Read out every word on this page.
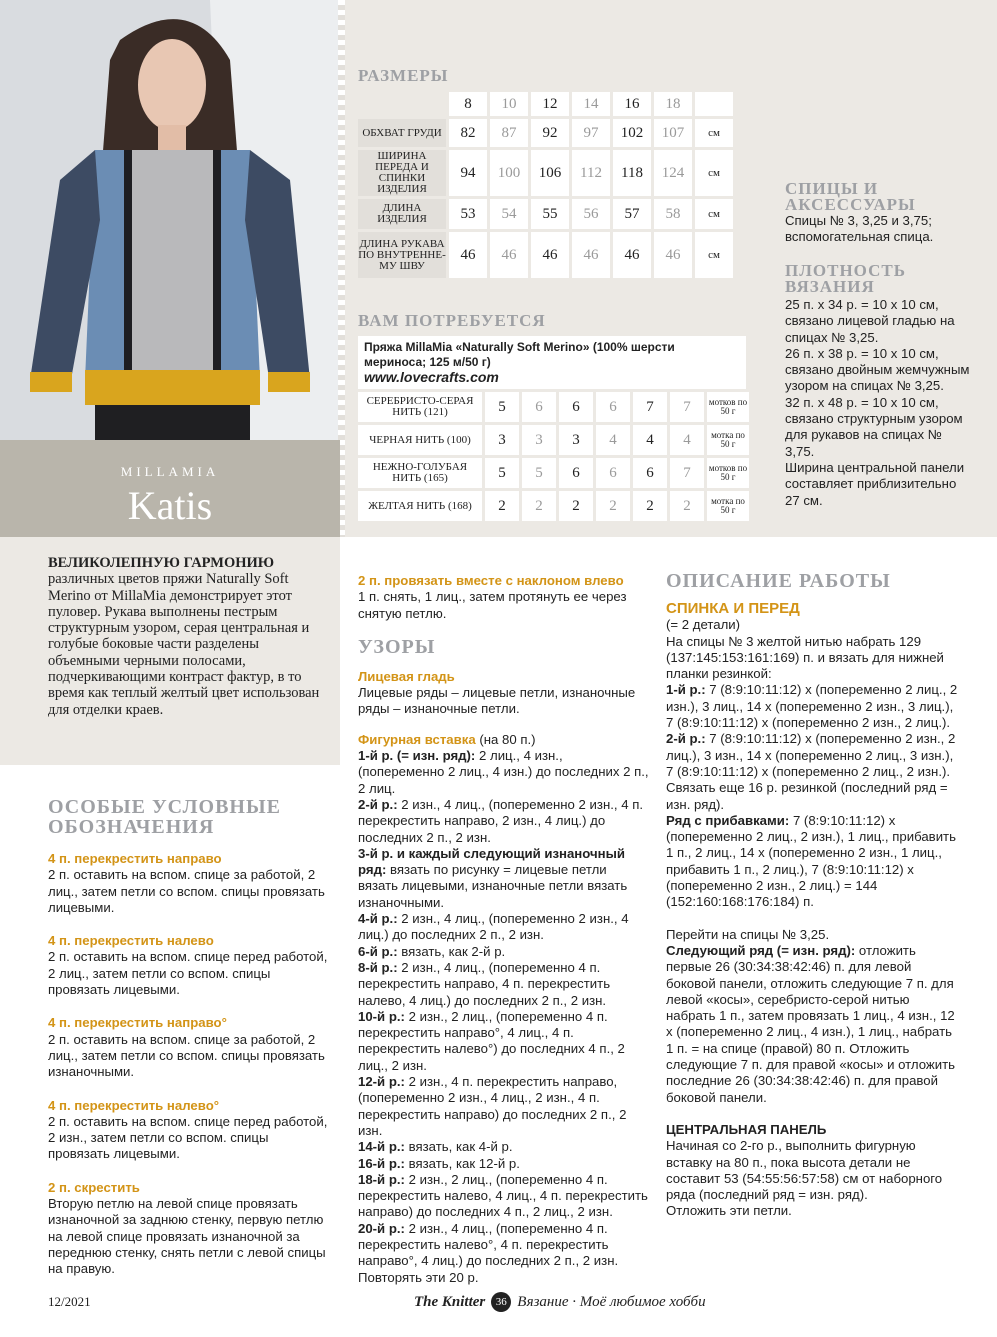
MILLAMIA
Katis
РАЗМЕРЫ
	8	10	12	14	16	18	
ОБХВАТ ГРУДИ	82	87	92	97	102	107	см
ШИРИНА ПЕРЕДА И СПИНКИ ИЗДЕЛИЯ	94	100	106	112	118	124	см
ДЛИНА ИЗДЕЛИЯ	53	54	55	56	57	58	см
ДЛИНА РУКАВА ПО ВНУТРЕННЕ-МУ ШВУ	46	46	46	46	46	46	см
ВАМ ПОТРЕБУЕТСЯ
Пряжа MillaMia «Naturally Soft Merino» (100% шерсти мериноса; 125 м/50 г)
www.lovecrafts.com
СЕРЕБРИСТО-СЕРАЯ НИТЬ (121)	5	6	6	6	7	7	мотков по 50 г
ЧЕРНАЯ НИТЬ (100)	3	3	3	4	4	4	мотка по 50 г
НЕЖНО-ГОЛУБАЯ НИТЬ (165)	5	5	6	6	6	7	мотков по 50 г
ЖЕЛТАЯ НИТЬ (168)	2	2	2	2	2	2	мотка по 50 г
СПИЦЫ И АКСЕССУАРЫ

Спицы № 3, 3,25 и 3,75; вспомогательная спица.

ПЛОТНОСТЬ ВЯЗАНИЯ

25 п. х 34 р. = 10 х 10 см, связано лицевой гладью на спицах № 3,25.

26 п. х 38 р. = 10 х 10 см, связано двойным жемчужным узором на спицах № 3,25.

32 п. х 48 р. = 10 х 10 см, связано структурным узором для рукавов на спицах № 3,75.

Ширина центральной панели составляет приблизительно 27 см.

ВЕЛИКОЛЕПНУЮ ГАРМОНИЮ различных цветов пряжи Naturally Soft Merino от MillaMia демонстрирует этот пуловер. Рукава выполнены пестрым структурным узором, серая центральная и голубые боковые части разделены объемными черными полосами, подчеркивающими контраст фактур, в то время как теплый желтый цвет использован для отделки краев.
ОСОБЫЕ УСЛОВНЫЕ ОБОЗНАЧЕНИЯ

4 п. перекрестить направо

2 п. оставить на вспом. спице за работой, 2 лиц., затем петли со вспом. спицы провязать лицевыми.

4 п. перекрестить налево

2 п. оставить на вспом. спице перед работой, 2 лиц., затем петли со вспом. спицы провязать лицевыми.

4 п. перекрестить направо°

2 п. оставить на вспом. спице за работой, 2 лиц., затем петли со вспом. спицы провязать изнаночными.

4 п. перекрестить налево°

2 п. оставить на вспом. спице перед работой, 2 изн., затем петли со вспом. спицы провязать лицевыми.

2 п. скрестить

Вторую петлю на левой спице провязать изнаночной за заднюю стенку, первую петлю на левой спице провязать изнаночной за переднюю стенку, снять петли с левой спицы на правую.

2 п. провязать вместе с наклоном влево

1 п. снять, 1 лиц., затем протянуть ее через снятую петлю.

УЗОРЫ

Лицевая гладь

Лицевые ряды – лицевые петли, изнаночные ряды – изнаночные петли.

Фигурная вставка (на 80 п.)

1-й р. (= изн. ряд): 2 лиц., 4 изн., (попеременно 2 лиц., 4 изн.) до последних 2 п., 2 лиц.

2-й р.: 2 изн., 4 лиц., (попеременно 2 изн., 4 п. перекрестить направо, 2 изн., 4 лиц.) до последних 2 п., 2 изн.

3-й р. и каждый следующий изнаночный ряд: вязать по рисунку = лицевые петли вязать лицевыми, изнаночные петли вязать изнаночными.

4-й р.: 2 изн., 4 лиц., (попеременно 2 изн., 4 лиц.) до последних 2 п., 2 изн.

6-й р.: вязать, как 2-й р.

8-й р.: 2 изн., 4 лиц., (попеременно 4 п. перекрестить направо, 4 п. перекрестить налево, 4 лиц.) до последних 2 п., 2 изн.

10-й р.: 2 изн., 2 лиц., (попеременно 4 п. перекрестить направо°, 4 лиц., 4 п. перекрестить налево°) до последних 4 п., 2 лиц., 2 изн.

12-й р.: 2 изн., 4 п. перекрестить направо, (попеременно 2 изн., 4 лиц., 2 изн., 4 п. перекрестить направо) до последних 2 п., 2 изн.

14-й р.: вязать, как 4-й р.

16-й р.: вязать, как 12-й р.

18-й р.: 2 изн., 2 лиц., (попеременно 4 п. перекрестить налево, 4 лиц., 4 п. перекрестить направо) до последних 4 п., 2 лиц., 2 изн.

20-й р.: 2 изн., 4 лиц., (попеременно 4 п. перекрестить налево°, 4 п. перекрестить направо°, 4 лиц.) до последних 2 п., 2 изн.

Повторять эти 20 р.

ОПИСАНИЕ РАБОТЫ

СПИНКА И ПЕРЕД

(= 2 детали)

На спицы № 3 желтой нитью набрать 129 (137:145:153:161:169) п. и вязать для нижней планки резинкой:

1-й р.: 7 (8:9:10:11:12) х (попеременно 2 лиц., 2 изн.), 3 лиц., 14 х (попеременно 2 изн., 3 лиц.), 7 (8:9:10:11:12) х (попеременно 2 изн., 2 лиц.).

2-й р.: 7 (8:9:10:11:12) х (попеременно 2 изн., 2 лиц.), 3 изн., 14 х (попеременно 2 лиц., 3 изн.), 7 (8:9:10:11:12) х (попеременно 2 лиц., 2 изн.).

Связать еще 16 р. резинкой (последний ряд = изн. ряд).

Ряд с прибавками: 7 (8:9:10:11:12) х (попеременно 2 лиц., 2 изн.), 1 лиц., прибавить 1 п., 2 лиц., 14 х (попеременно 2 изн., 1 лиц., прибавить 1 п., 2 лиц.), 7 (8:9:10:11:12) х (попеременно 2 изн., 2 лиц.) = 144 (152:160:168:176:184) п.

Перейти на спицы № 3,25.

Следующий ряд (= изн. ряд): отложить первые 26 (30:34:38:42:46) п. для левой боковой панели, отложить следующие 7 п. для левой «косы», серебристо-серой нитью набрать 1 п., затем провязать 1 лиц., 4 изн., 12 х (попеременно 2 лиц., 4 изн.), 1 лиц., набрать 1 п. = на спице (правой) 80 п. Отложить следующие 7 п. для правой «косы» и отложить последние 26 (30:34:38:42:46) п. для правой боковой панели.

ЦЕНТРАЛЬНАЯ ПАНЕЛЬ

Начиная со 2-го р., выполнить фигурную вставку на 80 п., пока высота детали не составит 53 (54:55:56:57:58) см от наборного ряда (последний ряд = изн. ряд).

Отложить эти петли.

12/2021	The Knitter 36 Вязание · Моё любимое хобби
